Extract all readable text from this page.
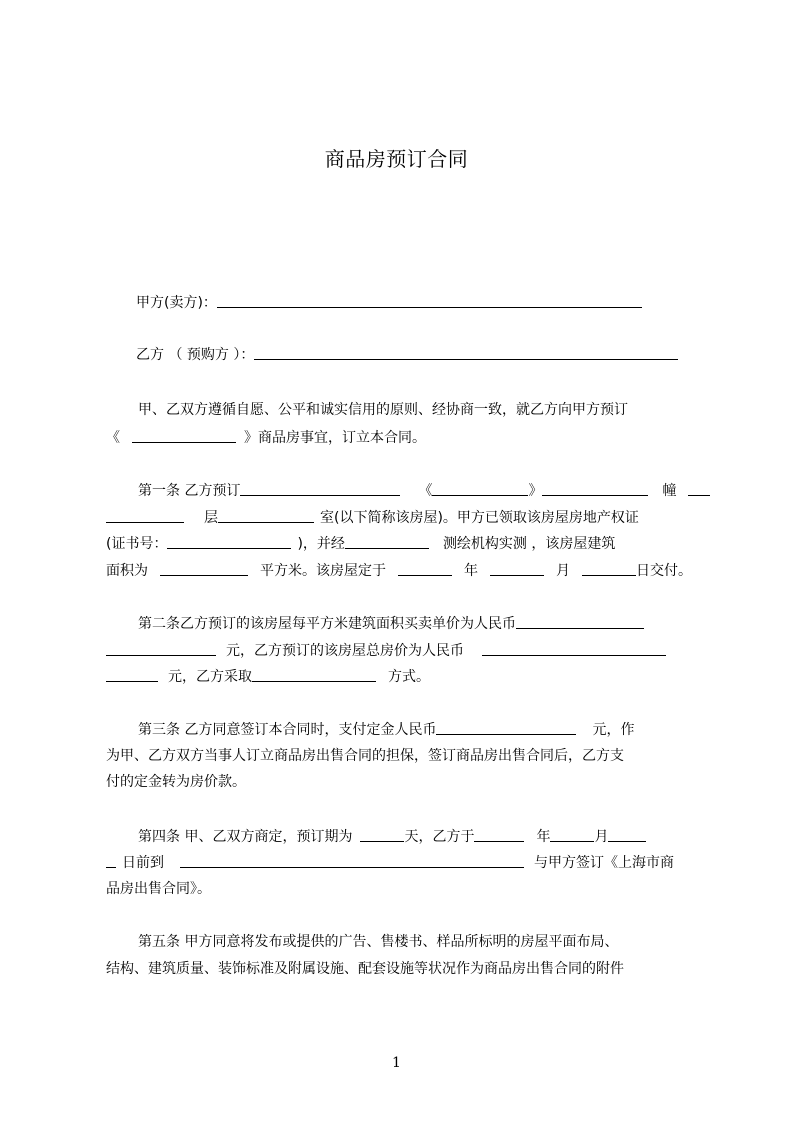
商品房预订合同
甲方(卖方)：
乙方 （ 预购方 ）：
甲、乙双方遵循自愿、公平和诚实信用的原则、经协商一致，就乙方向甲方预订
《	》商品房事宜，订立本合同。
第一条 乙方预订	《	》	幢
层	室(以下简称该房屋)。甲方已领取该房屋房地产权证
(证书号：	)，并经	测绘机构实测 ，该房屋建筑
面积为	平方米。该房屋定于	年	月	日交付。
第二条乙方预订的该房屋每平方米建筑面积买卖单价为人民币
元，乙方预订的该房屋总房价为人民币
元，乙方采取	方式。
第三条 乙方同意签订本合同时，支付定金人民币	元，作
为甲、乙方双方当事人订立商品房出售合同的担保，签订商品房出售合同后，乙方支
付的定金转为房价款。
第四条 甲、乙双方商定，预订期为	天，乙方于	年	月
日前到	与甲方签订《上海市商
品房出售合同》。
第五条 甲方同意将发布或提供的广告、售楼书、样品所标明的房屋平面布局、
结构、建筑质量、装饰标准及附属设施、配套设施等状况作为商品房出售合同的附件
1
